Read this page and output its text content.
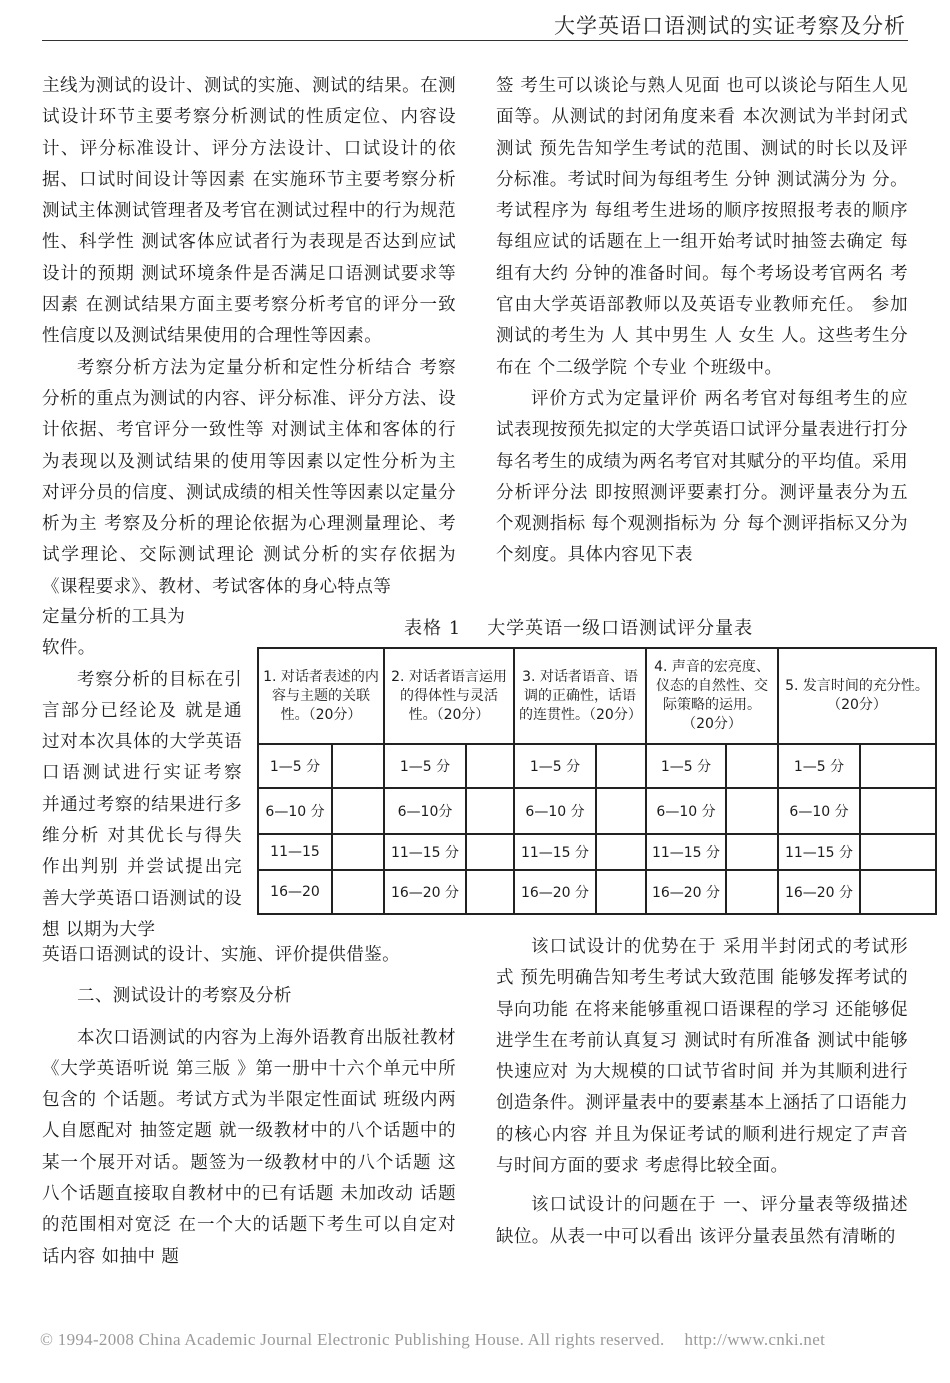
大学英语口语测试的实证考察及分析

主线为测试的设计、测试的实施、测试的结果。在测试设计环节主要考察分析测试的性质定位、内容设计、评分标准设计、评分方法设计、口试设计的依据、口试时间设计等因素 在实施环节主要考察分析测试主体测试管理者及考官在测试过程中的行为规范性、科学性 测试客体应试者行为表现是否达到应试设计的预期 测试环境条件是否满足口语测试要求等因素 在测试结果方面主要考察分析考官的评分一致性信度以及测试结果使用的合理性等因素。

考察分析方法为定量分析和定性分析结合 考察分析的重点为测试的内容、评分标准、评分方法、设计依据、考官评分一致性等 对测试主体和客体的行为表现以及测试结果的使用等因素以定性分析为主 对评分员的信度、测试成绩的相关性等因素以定量分析为主 考察及分析的理论依据为心理测量理论、考试学理论、交际测试理论 测试分析的实存依据为《课程要求》、教材、考试客体的身心特点等

定量分析的工具为

软件。

考察分析的目标在引言部分已经论及 就是通过对本次具体的大学英语口语测试进行实证考察 并通过考察的结果进行多维分析 对其优长与得失作出判别 并尝试提出完善大学英语口语测试的设想 以期为大学

英语口语测试的设计、实施、评价提供借鉴。

二、测试设计的考察及分析

本次口语测试的内容为上海外语教育出版社教材《大学英语听说 第三版 》第一册中十六个单元中所包含的 个话题。考试方式为半限定性面试 班级内两人自愿配对 抽签定题 就一级教材中的八个话题中的某一个展开对话。题签为一级教材中的八个话题 这八个话题直接取自教材中的已有话题 未加改动 话题的范围相对宽泛 在一个大的话题下考生可以自定对话内容 如抽中 题

签 考生可以谈论与熟人见面 也可以谈论与陌生人见面等。从测试的封闭角度来看 本次测试为半封闭式测试 预先告知学生考试的范围、测试的时长以及评分标准。考试时间为每组考生 分钟 测试满分为 分。考试程序为 每组考生进场的顺序按照报考表的顺序 每组应试的话题在上一组开始考试时抽签去确定 每组有大约 分钟的准备时间。每个考场设考官两名 考官由大学英语部教师以及英语专业教师充任。 参加测试的考生为 人 其中男生 人 女生 人。这些考生分布在 个二级学院 个专业 个班级中。

评价方式为定量评价 两名考官对每组考生的应试表现按预先拟定的大学英语口试评分量表进行打分 每名考生的成绩为两名考官对其赋分的平均值。采用分析评分法 即按照测评要素打分。测评量表分为五个观测指标 每个观测指标为 分 每个测评指标又分为 个刻度。具体内容见下表

表格 1 大学英语一级口语测试评分量表
1. 对话者表述的内容与主题的关联性。（20分）		2. 对话者语言运用的得体性与灵活性。（20分）		3. 对话者语音、语调的正确性，话语的连贯性。（20分）		4. 声音的宏亮度、仪态的自然性、交际策略的运用。（20分）		5. 发言时间的充分性。（20分）	
1—5 分		1—5 分		1—5 分		1—5 分		1—5 分	
6—10 分		6—10分		6—10 分		6—10 分		6—10 分	
11—15		11—15 分		11—15 分		11—15 分		11—15 分	
16—20		16—20 分		16—20 分		16—20 分		16—20 分	

该口试设计的优势在于 采用半封闭式的考试形式 预先明确告知考生考试大致范围 能够发挥考试的导向功能 在将来能够重视口语课程的学习 还能够促进学生在考前认真复习 测试时有所准备 测试中能够快速应对 为大规模的口试节省时间 并为其顺利进行创造条件。测评量表中的要素基本上涵括了口语能力的核心内容 并且为保证考试的顺利进行规定了声音与时间方面的要求 考虑得比较全面。

该口试设计的问题在于 一、评分量表等级描述缺位。从表一中可以看出 该评分量表虽然有清晰的

© 1994-2008 China Academic Journal Electronic Publishing House. All rights reserved. http://www.cnki.net
